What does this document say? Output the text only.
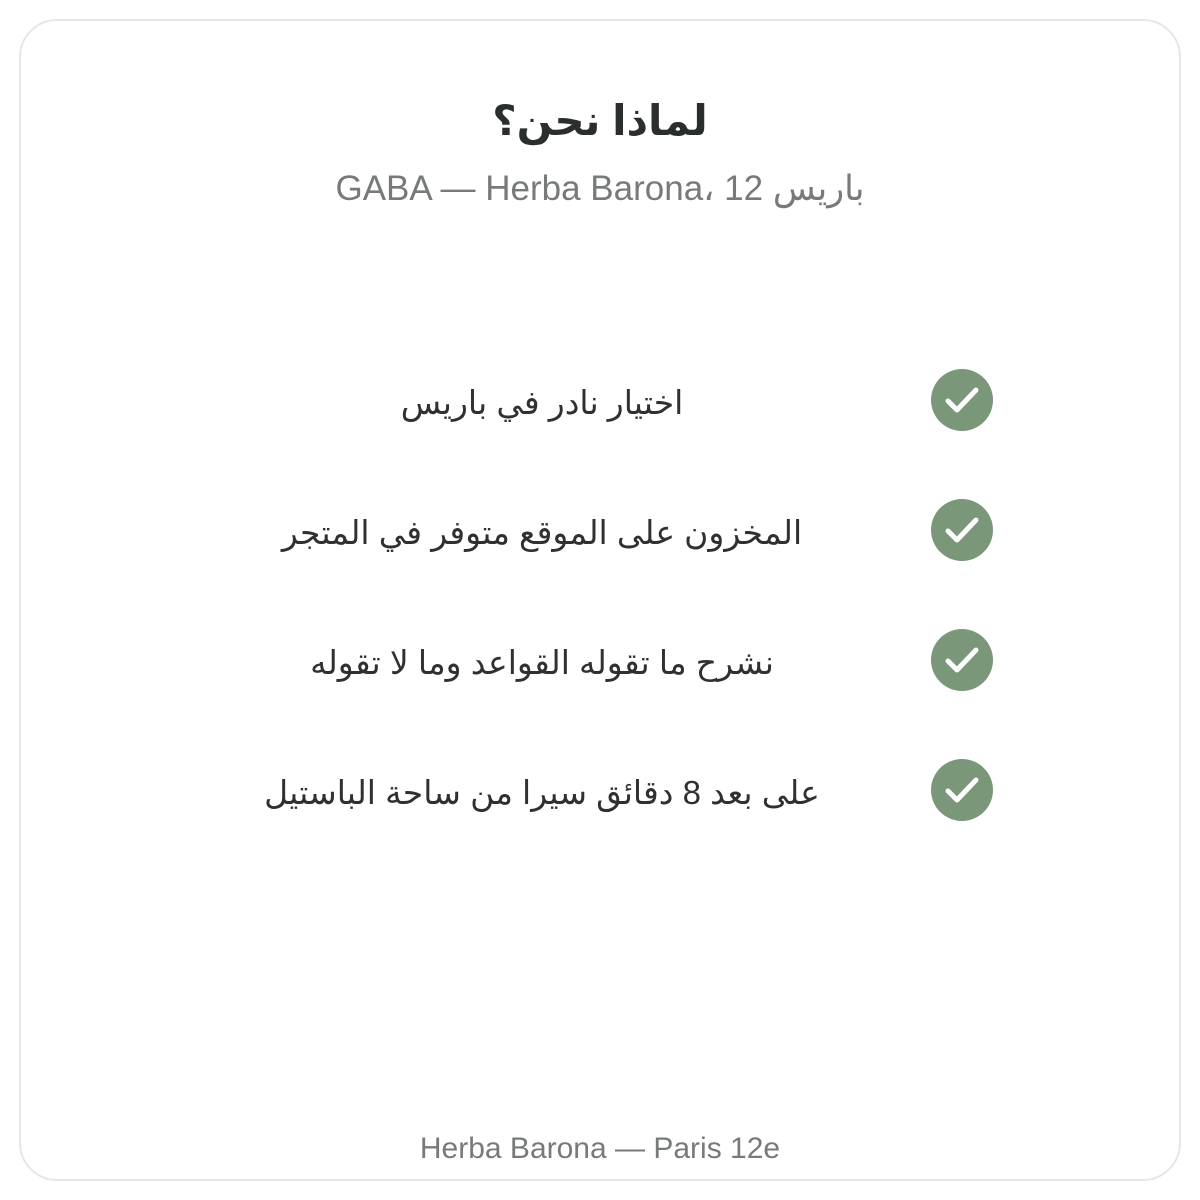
لماذا نحن؟

GABA — Herba Barona، 12 باريس

اختيار نادر في باريس
المخزون على الموقع متوفر في المتجر
نشرح ما تقوله القواعد وما لا تقوله
على بعد 8 دقائق سيرا من ساحة الباستيل

Herba Barona — Paris 12e
